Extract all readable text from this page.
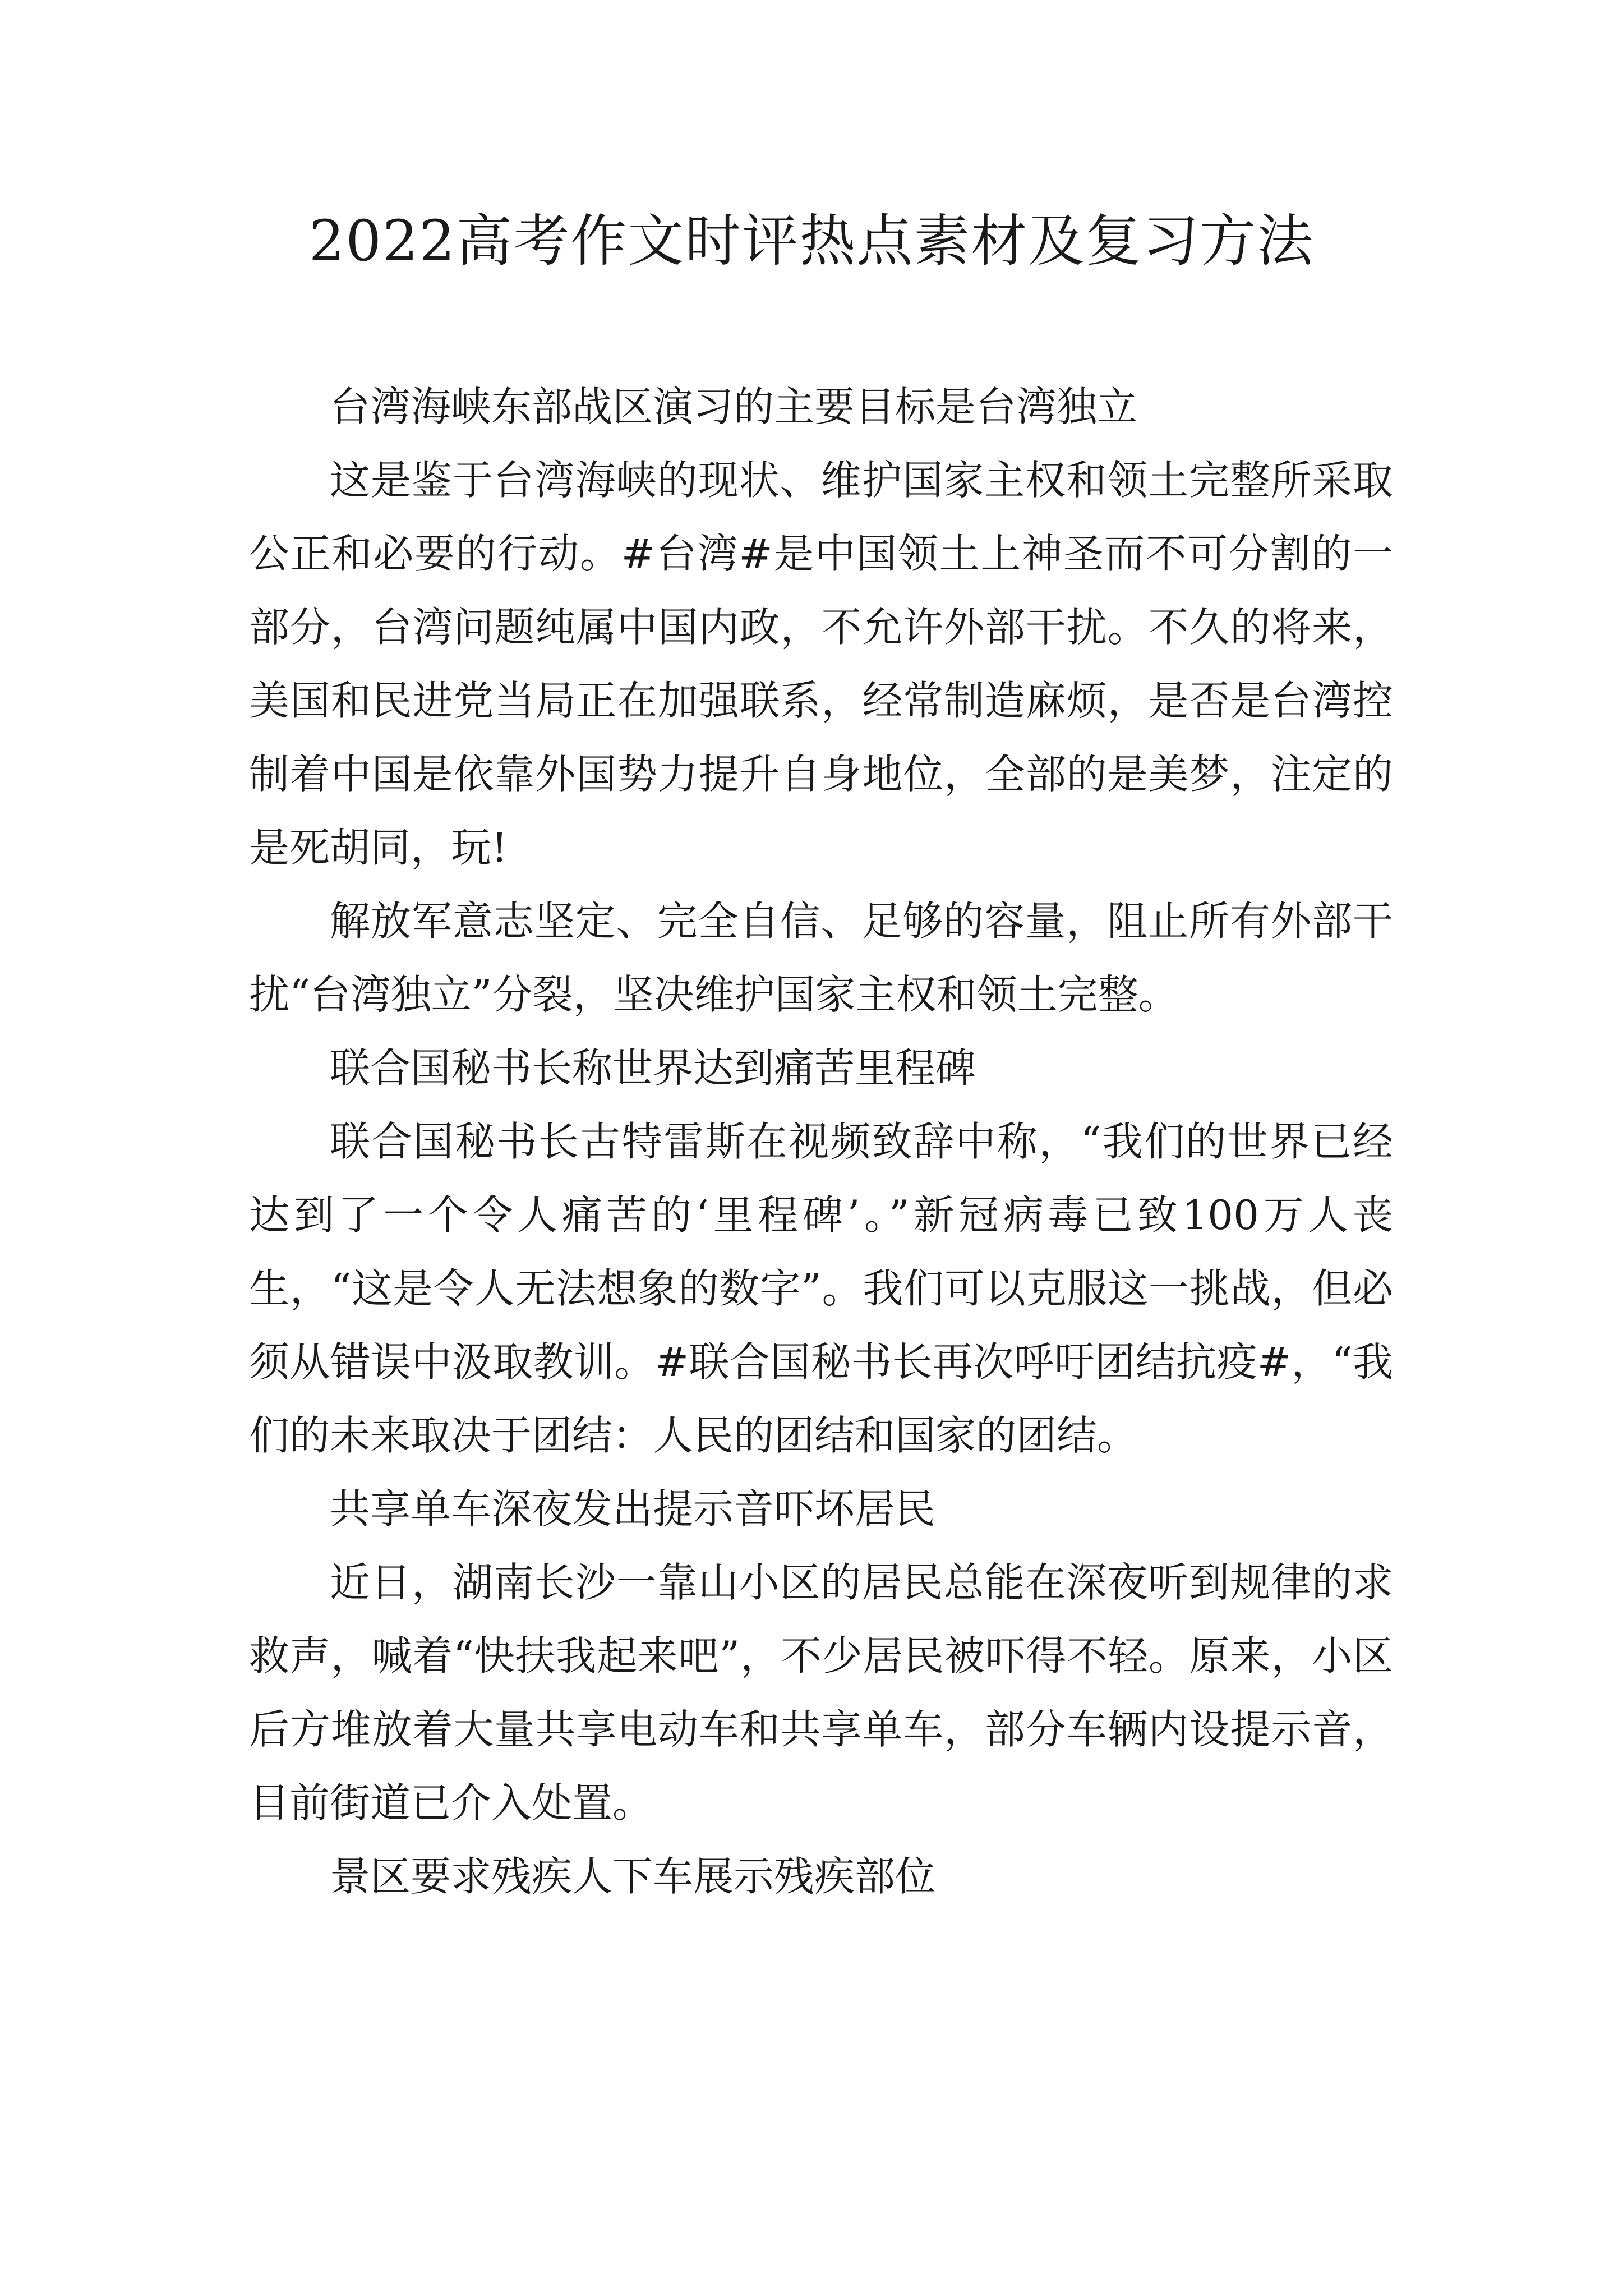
2022高考作文时评热点素材及复习方法

台湾海峡东部战区演习的主要目标是台湾独立

这是鉴于台湾海峡的现状、维护国家主权和领土完整所采取公正和必要的行动。#台湾#是中国领土上神圣而不可分割的一部分，台湾问题纯属中国内政，不允许外部干扰。不久的将来，美国和民进党当局正在加强联系，经常制造麻烦，是否是台湾控制着中国是依靠外国势力提升自身地位，全部的是美梦，注定的是死胡同，玩!

解放军意志坚定、完全自信、足够的容量，阻止所有外部干扰“台湾独立”分裂，坚决维护国家主权和领土完整。

联合国秘书长称世界达到痛苦里程碑

联合国秘书长古特雷斯在视频致辞中称，“我们的世界已经达到了一个令人痛苦的‘里程碑’。”新冠病毒已致100万人丧生，“这是令人无法想象的数字”。我们可以克服这一挑战，但必须从错误中汲取教训。#联合国秘书长再次呼吁团结抗疫#，“我们的未来取决于团结：人民的团结和国家的团结。

共享单车深夜发出提示音吓坏居民

近日，湖南长沙一靠山小区的居民总能在深夜听到规律的求救声，喊着“快扶我起来吧”，不少居民被吓得不轻。原来，小区后方堆放着大量共享电动车和共享单车，部分车辆内设提示音，目前街道已介入处置。

景区要求残疾人下车展示残疾部位
